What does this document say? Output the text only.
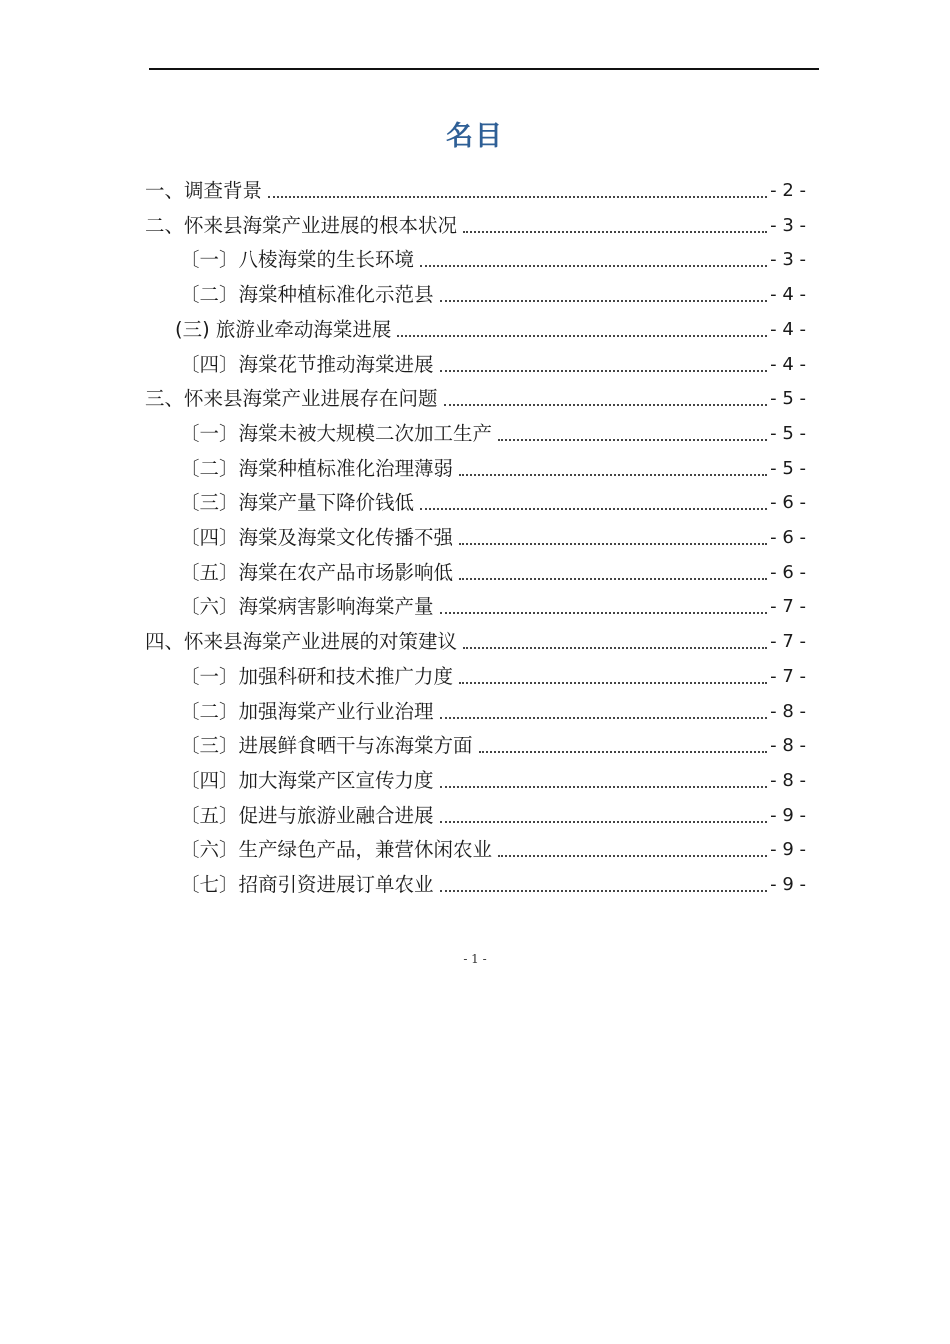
名目
一、调查背景	- 2 -
二、怀来县海棠产业进展的根本状况	- 3 -
〔一〕八棱海棠的生长环境	- 3 -
〔二〕海棠种植标准化示范县	- 4 -
(三) 旅游业牵动海棠进展	- 4 -
〔四〕海棠花节推动海棠进展	- 4 -
三、怀来县海棠产业进展存在问题	- 5 -
〔一〕海棠未被大规模二次加工生产	- 5 -
〔二〕海棠种植标准化治理薄弱	- 5 -
〔三〕海棠产量下降价钱低	- 6 -
〔四〕海棠及海棠文化传播不强	- 6 -
〔五〕海棠在农产品市场影响低	- 6 -
〔六〕海棠病害影响海棠产量	- 7 -
四、怀来县海棠产业进展的对策建议	- 7 -
〔一〕加强科研和技术推广力度	- 7 -
〔二〕加强海棠产业行业治理	- 8 -
〔三〕进展鲜食晒干与冻海棠方面	- 8 -
〔四〕加大海棠产区宣传力度	- 8 -
〔五〕促进与旅游业融合进展	- 9 -
〔六〕生产绿色产品，兼营休闲农业	- 9 -
〔七〕招商引资进展订单农业	- 9 -
- 1 -
